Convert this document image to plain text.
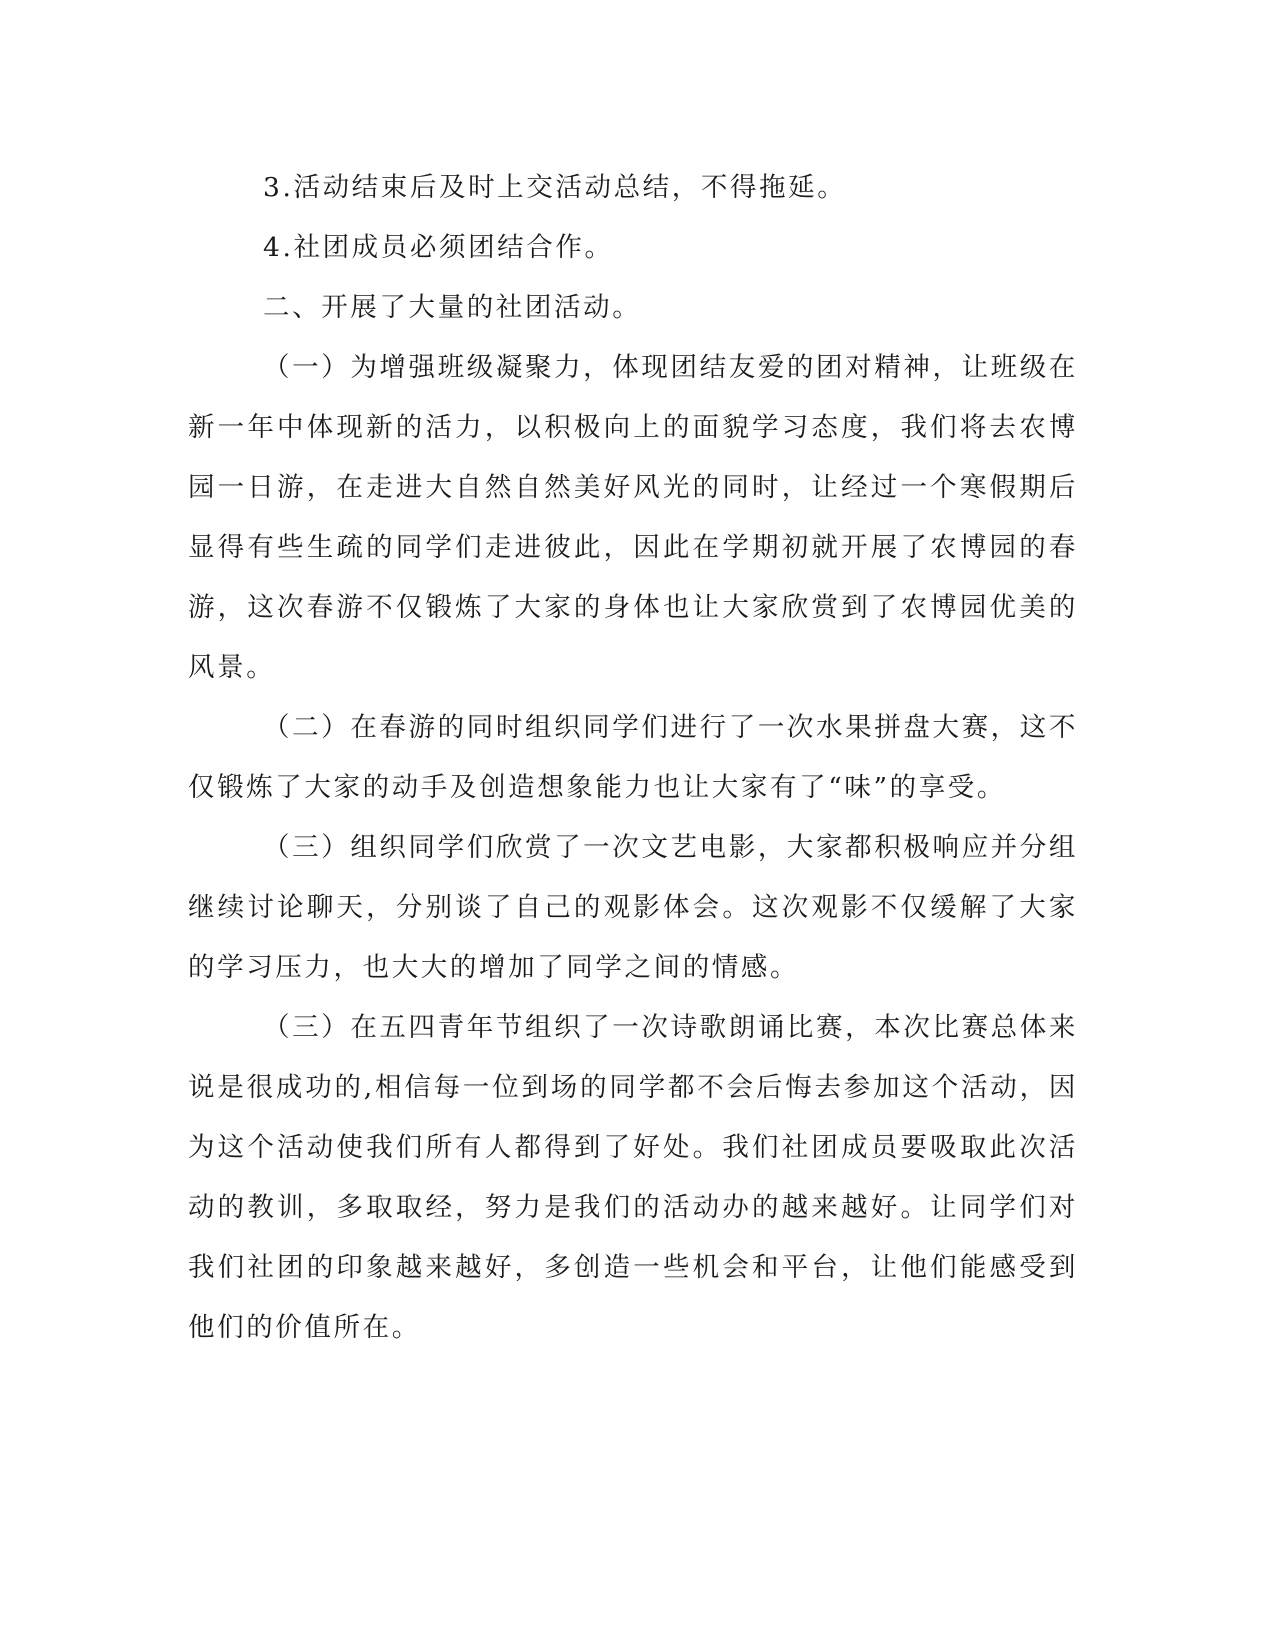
3.活动结束后及时上交活动总结，不得拖延。

4.社团成员必须团结合作。

二、开展了大量的社团活动。

（一）为增强班级凝聚力，体现团结友爱的团对精神，让班级在新一年中体现新的活力，以积极向上的面貌学习态度，我们将去农博园一日游，在走进大自然自然美好风光的同时，让经过一个寒假期后显得有些生疏的同学们走进彼此，因此在学期初就开展了农博园的春游，这次春游不仅锻炼了大家的身体也让大家欣赏到了农博园优美的风景。

（二）在春游的同时组织同学们进行了一次水果拼盘大赛，这不仅锻炼了大家的动手及创造想象能力也让大家有了“味”的享受。

（三）组织同学们欣赏了一次文艺电影，大家都积极响应并分组继续讨论聊天，分别谈了自己的观影体会。这次观影不仅缓解了大家的学习压力，也大大的增加了同学之间的情感。

（三）在五四青年节组织了一次诗歌朗诵比赛，本次比赛总体来说是很成功的,相信每一位到场的同学都不会后悔去参加这个活动，因为这个活动使我们所有人都得到了好处。我们社团成员要吸取此次活动的教训，多取取经，努力是我们的活动办的越来越好。让同学们对我们社团的印象越来越好，多创造一些机会和平台，让他们能感受到他们的价值所在。
